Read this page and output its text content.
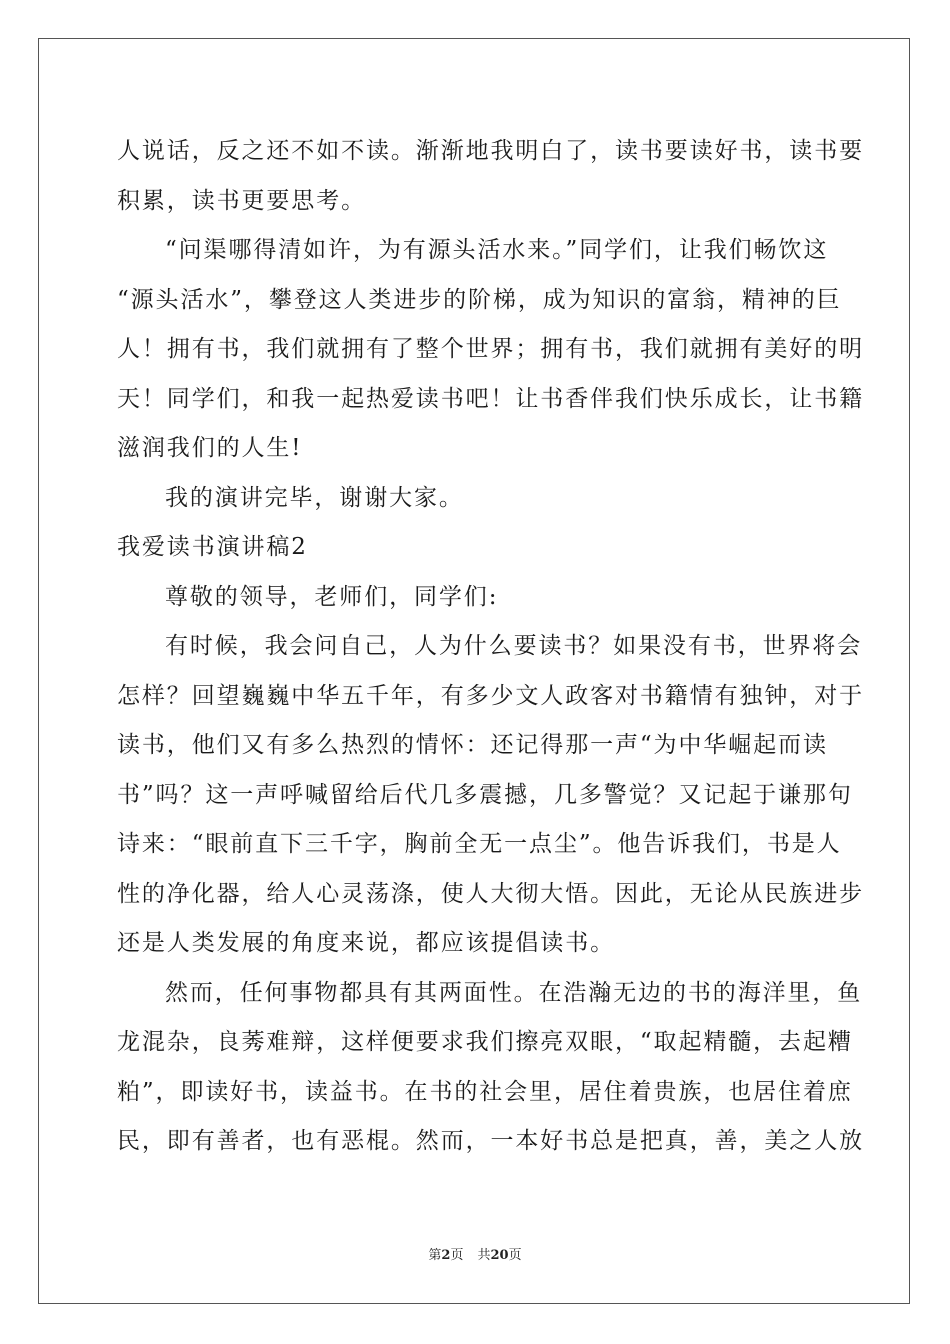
人说话，反之还不如不读。渐渐地我明白了，读书要读好书，读书要
积累，读书更要思考。
“问渠哪得清如许，为有源头活水来。”同学们，让我们畅饮这
“源头活水”，攀登这人类进步的阶梯，成为知识的富翁，精神的巨
人！拥有书，我们就拥有了整个世界；拥有书，我们就拥有美好的明
天！同学们，和我一起热爱读书吧！让书香伴我们快乐成长，让书籍
滋润我们的人生!
我的演讲完毕，谢谢大家。
我爱读书演讲稿2
尊敬的领导，老师们，同学们:
有时候，我会问自己，人为什么要读书？如果没有书，世界将会
怎样？回望巍巍中华五千年，有多少文人政客对书籍情有独钟，对于
读书，他们又有多么热烈的情怀：还记得那一声“为中华崛起而读
书”吗？这一声呼喊留给后代几多震撼，几多警觉？又记起于谦那句
诗来：“眼前直下三千字，胸前全无一点尘”。他告诉我们，书是人
性的净化器，给人心灵荡涤，使人大彻大悟。因此，无论从民族进步
还是人类发展的角度来说，都应该提倡读书。
然而，任何事物都具有其两面性。在浩瀚无边的书的海洋里，鱼
龙混杂，良莠难辩，这样便要求我们擦亮双眼，“取起精髓，去起糟
粕”，即读好书，读益书。在书的社会里，居住着贵族，也居住着庶
民，即有善者，也有恶棍。然而，一本好书总是把真，善，美之人放
第2页 共20页
